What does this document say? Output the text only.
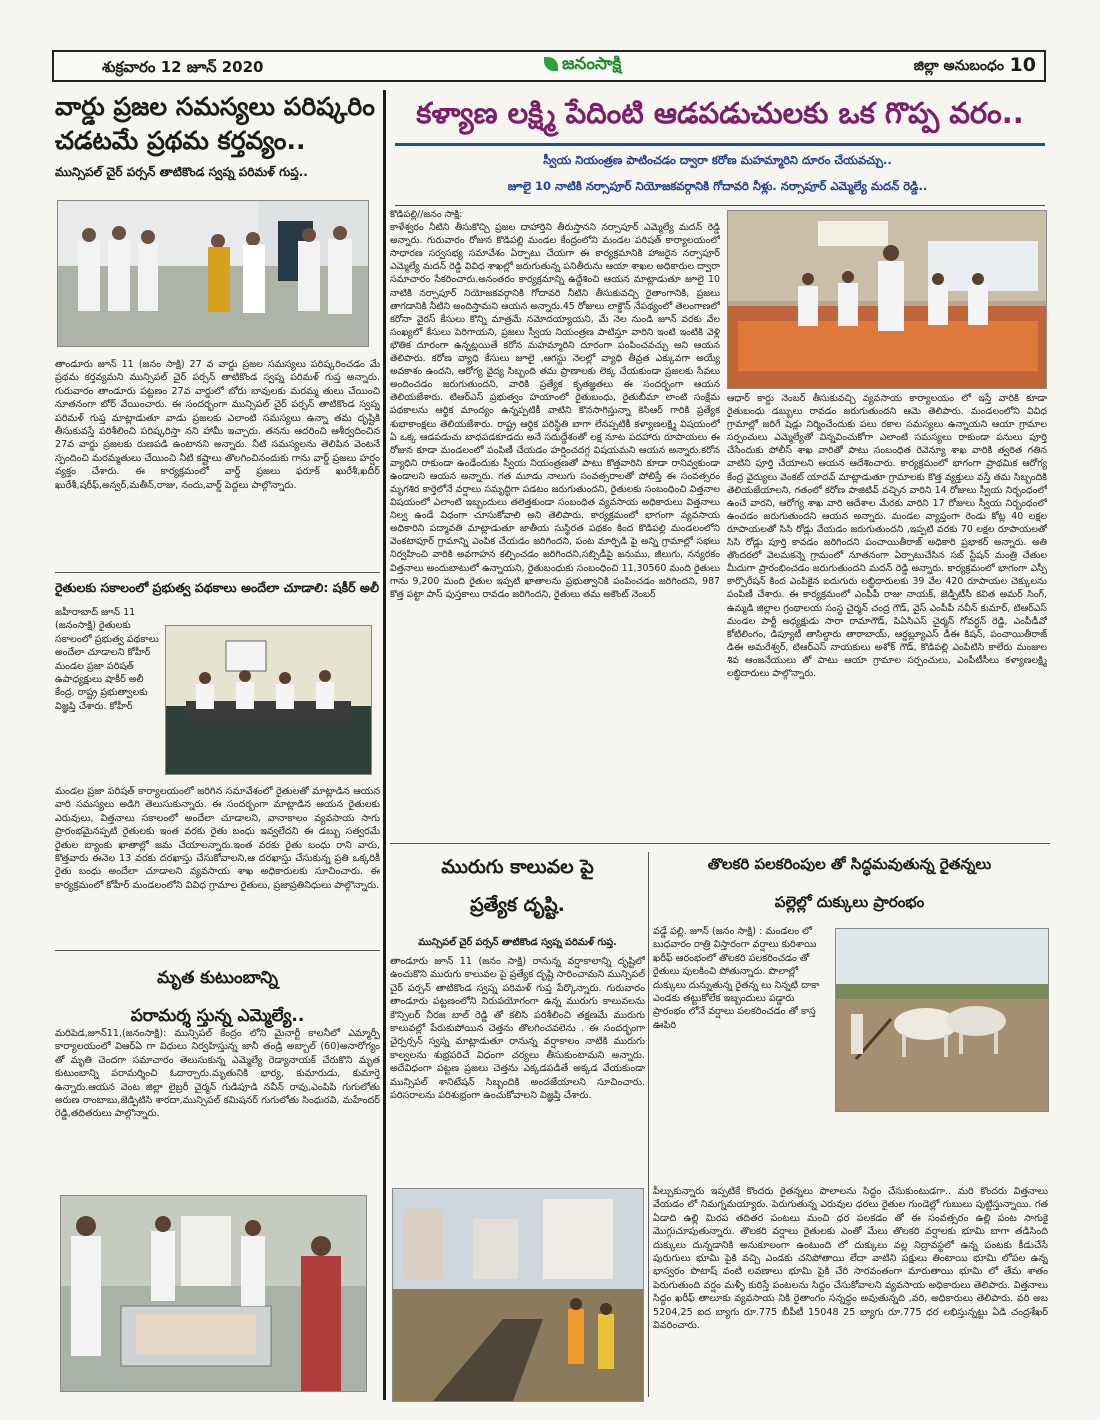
శుక్రవారం 12 జూన్ 2020	జనంసాక్షి	జిల్లా అనుబంధం 10

వార్డు ప్రజల సమస్యలు పరిష్కరిం చడటమే ప్రథమ కర్తవ్యం..

మున్సిపల్ చైర్ పర్సన్ తాటికొండ స్వప్న పరిమళ్ గుప్త..

తాండూరు జూన్ 11 (జనం సాక్షి) 27 వ వార్డు ప్రజల సమస్యలు పరిష్కరించడం మే ప్రథమ కర్తవ్యమని మున్సిపల్ చైర్ పర్సన్ తాటికొండ స్వప్న పరిమళ్ గుప్త అన్నారు. గురువారం తాండూరు పట్టణం 27వ వార్డులో బోరు బావులకు మరమ్మ తులు చేయించి నూతనంగా బోర్ వేయించారు. ఈ సందర్భంగా మున్సిపల్ చైర్ పర్సన్ తాటికొండ స్వప్న పరిమళ్ గుప్త మాట్లాడుతూ వాడు ప్రజలకు ఎలాంటి సమస్యలు ఉన్నా తమ దృష్టికి తీసుకువస్తే పరిశీలించి పరిష్కరిస్తా నని హామీ ఇచ్చారు. తనను ఆదరించి ఆశీర్వదించిన 27వ వార్డు ప్రజలకు రుణపడి ఉంటానని అన్నారు. నీటి సమస్యలను తెలిపిన వెంటనే స్పందించి మరమ్మతులు చేయించి నీటి కష్టాలు తొలగించినందుకు గాను వార్డ్ ప్రజలు హర్షం వ్యక్తం చేశారు. ఈ కార్యక్రమంలో వార్డ్ ప్రజలు ఫరూక్ ఖురేశీ,ఖదీర్ ఖురేశీ,షరీఫ్,అన్వర్,మతీన్,రాజు, నందు,వార్డ్ పెద్దలు పాల్గొన్నారు.

రైతులకు సకాలంలో ప్రభుత్వ పథకాలు అందేలా చూడాలి: షకీర్ అలీ

జహీరాబాద్ జూన్ 11 (జనంసాక్షి) రైతులకు సకాలంలో ప్రభుత్వ పథకాలు అందేలా చూడాలని కోహీర్ మండల ప్రజా పరిషత్ ఉపాధ్యక్షులు షాకీర్ అలీ కేంద్ర, రాష్ట్ర ప్రభుత్వాలకు విజ్ఞప్తి చేశారు. కోహీర్

మండల ప్రజా పరిషత్ కార్యాలయంలో జరిగిన సమావేశంలో రైతులతో మాట్లాడిన ఆయన వారి సమస్యలు అడిగి తెలుసుకున్నారు. ఈ సందర్భంగా మాట్లాడిన ఆయన రైతులకు ఎరువులు, విత్తనాలు సకాలంలో అందేలా చూడాలని, వానాకాలం వ్యవసాయ సాగు ప్రారంభమైనప్పటి రైతులకు ఇంత వరకు రైతు బంధు ఇవ్వలేదని ఈ డబ్బు సత్వరమే రైతుల బ్యాంకు ఖాతాల్లో జమ చేయాలన్నారు.ఇంత వరకు రైతు బంధు రాని వారు, కొత్తవారు ఈనెల 13 వరకు దరఖాస్తు చేసుకోవాలని,ఆ దరఖాస్తు చేసుకున్న ప్రతి ఒక్కరికీ రైతు బంధు అందేలా చూడాలని వ్యవసాయ శాఖ అధికారులకు సూచించారు. ఈ కార్యక్రమంలో కోహీర్ మండలంలోని వివిధ గ్రామాల రైతులు, ప్రజాప్రతినిధులు పాల్గొన్నారు.

మృత కుటుంబాన్ని

పరామర్శ స్తున్న ఎమ్మెల్యే..

మరిపెడ,జూన్11,(జనంసాక్షి): మున్సిపల్ కేంద్రం లోని మైనార్టీ కాలనీలో ఎమ్మార్పీ కార్యాలయంలో విఆర్ఏ గా విధులు నిర్వహిస్తున్న జానీ తండ్రి అబ్బాల్ (60)అనారోగ్యం తో మృతి చెందగా సమాచారం తెలుసుకున్న ఎమ్మెల్యే రెడ్యానాయక్ చేరుకొని మృత కుటుంబాన్ని పరామర్శించి ఓదార్చారు.మృతునికి భార్య, కుమారుడు, కుమార్తె ఉన్నారు.ఆయన వెంట జిల్లా లైబ్రరీ చైర్మన్ గుడిపూడి నవీన్ రావు,ఎంపిపి గుగులోతు అరుణ రాంబాబు,జెడ్పిటిసి శారదా,మున్సిపల్ కమిషనర్ గుగులోతు సింధురవి, మహేందర్ రెడ్డి,తదితరులు పాల్గొన్నారు.

కళ్యాణ లక్ష్మి పేదింటి ఆడపడుచులకు ఒక గొప్ప వరం..

స్వీయ నియంత్రణ పాటించడం ద్వారా కరోణ మహమ్మారిని దూరం చేయవచ్చు..

జూలై 10 నాటికి నర్సాపూర్ నియోజకవర్గానికి గోదావరి నీళ్లు. నర్సాపూర్ ఎమ్మెల్యే మదన్ రెడ్డి..

కొడిపల్లి//జనం సాక్షి:

కాళేశ్వరం నీటిని తీసుకొచ్చి ప్రజల దాహార్తిని తీరుస్తానని నర్సాపూర్ ఎమ్మెల్యే మదన్ రెడ్డి అన్నారు. గురువారం రోజున కొడిపల్లి మండల కేంద్రంలోని మండల పరిషత్ కార్యాలయంలో సాధారణ సర్వసభ్య సమావేశం ఏర్పాటు చేయగా ఈ కార్యక్రమానికి హాజరైన నర్సాపూర్ ఎమ్మెల్యే మదన్ రెడ్డి వివిధ శాఖల్లో జరుగుతున్న పనితీరును ఆయా శాఖల అధికారుల ద్వారా సమాచారం సేకరించారు.అనంతరం కార్యక్రమాన్ని ఉద్దేశించి ఆయన మాట్లాడుతూ జూలై 10 నాటికి నర్సాపూర్ నియోజకవర్గానికి గోదావరి నీటిని తీసుకువచ్చి రైతాంగానికి, ప్రజలు తాగడానికి నీటిని అందిస్తామని ఆయన అన్నారు.45 రోజులు లాక్డౌన్ నేపథ్యంలో తెలంగాణలో కరోనా వైరస్ కేసులు కొన్ని మాత్రమే నమోదయ్యాయని, మే నెల నుండి జూన్ వరకు వేల సంఖ్యలో కేసులు పెరిగాయని, ప్రజలు స్వీయ నియంత్రణ పాటిస్తూ వారిని ఇంటి ఇంటికి వెళ్లి భౌతిక దూరంగా ఉన్నట్లయితే కరోన మహమ్మారిని దూరంగా పంపించవచ్చు అని ఆయన తెలిపారు. కరోణ వ్యాధి కేసులు జూలై ,ఆగస్టు నెలల్లో వ్యాధి తీవ్రత ఎక్కువగా అయ్యే అవకాశం ఉందని, ఆరోగ్య వైద్య సిబ్బంది తమ ప్రాణాలకు లెక్క చేయకుండా ప్రజలకు సేవలు అందించడం జరుగుతుందని, వారికి ప్రత్యేక కృతజ్ఞతలు ఈ సందర్భంగా ఆయన తెలియజేశారు. టిఆర్ఎస్ ప్రభుత్వం హయాంలో రైతుబంధు, రైతుబీమా లాంటి సంక్షేమ పథకాలను ఆర్థిక మాంద్యం ఉన్నప్పటికీ వాటిని కొనసాగిస్తున్నా కెసిఆర్ గారికి ప్రత్యేక శుభాకాంక్షలు తెలియజేశారు. రాష్ట్ర ఆర్థిక పరిస్థితి బాగా లేనప్పటికీ కళ్యాణలక్ష్మి విషయంలో ఏ ఒక్క ఆడపడుచు బాధపడకూడదు అనే సదుద్దేశంతో లక్ష నూట పదహారు రూపాయలు ఈ రోజున కూడా మండలంలో పంపిణీ చేయడం హర్షించదగ్గ విషయమని ఆయన అన్నారు.కరోన వ్యాధిని రాకుండా ఉండేందుకు స్వీయ నియంత్రణతో పాటు కొత్తవారిని కూడా రానివ్వకుండా ఉండాలని ఆయన అన్నారు. గత మూడు నాలుగు సంవత్సరాలతో పోలిస్తే ఈ సంవత్సరం మృగశిర కార్తెలోనే వర్షాలు సమృద్ధిగా పడటం జరుగుతుందని, రైతులకు సంబంధించి విత్తనాల విషయంలో ఎలాంటి ఇబ్బందులు తలెత్తకుండా సంబంధిత వ్యవసాయ అధికారులు విత్తనాలు నిల్వ ఉండే విధంగా చూసుకోవాలి అని తెలిపారు. కార్యక్రమంలో భాగంగా వ్యవసాయ అధికారిని పద్మావతి మాట్లాడుతూ జాతీయ సుస్థిరత పథకం కింద కొడిపల్లి మండలంలోని వెంకటాపూర్ గ్రామాన్ని ఎంపిక చేయడం జరిగిందని, పంట మార్పిడి పై అన్ని గ్రామాల్లో సభలు నిర్వహించి వారికి అవగాహన కల్పించడం జరిగిందని,సబ్సిడీపై జనుము, జీలుగు, నన్యరకం విత్తనాలు అందుబాటులో ఉన్నాయని, రైతుబంధుకు సంబంధించి 11,30560 మంది రైతులు గాను 9,200 మంది రైతుల ఇప్పటి ఖాతాలను ప్రభుత్వానికి పంపించడం జరిగిందని, 987 కొత్త పట్టా పాస్ పుస్తకాలు రావడం జరిగిందని, రైతులు తమ అకౌంట్ నెంబర్

ఆధార్ కార్డు నెంబర్ తీసుకువచ్చి వ్యవసాయ కార్యాలయం లో ఇస్తే వారికి కూడా రైతుబంధు డబ్బులు రావడం జరుగుతుందని ఆమె తెలిపారు. మండలంలోని వివిధ గ్రామాల్లో జరిగే షెడ్లు నిర్మించేందుకు పలు రకాల సమస్యలు ఉన్నాయని ఆయా గ్రామాల సర్పంచులు ఎమ్మెల్యేతో విన్నవించుకోగా ఎలాంటి సమస్యలు రాకుండా పనులు పూర్తి చేసేందుకు పోలీస్ శాఖ వారితో పాటు సంబంధిత రెవెన్యూ శాఖ వారికి త్వరిత గతిన వాటిని పూర్తి చేయాలని ఆయన ఆదేశించారు. కార్యక్రమంలో భాగంగా ప్రాథమిక ఆరోగ్య కేంద్ర వైద్యులు వెంకట్ యాదవ్ మాట్లాడుతూ గ్రామాలకు కొత్త వ్యక్తులు వస్తే తమ సిబ్బందికి తెలియజేయాలని, గతంలో కరోణ పాజిటివ్ వచ్చిన వారిని 14 రోజులు స్వీయ నిర్బంధంలో ఉంచే వారని, ఆరోగ్య శాఖ వారి ఆదేశాల మేరకు వారిని 17 రోజులు స్వీయ నిర్బంధంలో ఉంచడం జరుగుతుందని ఆయన అన్నారు. మండల వ్యాప్తంగా రెండు కోట్ల 40 లక్షల రూపాయలతో సిసి రోడ్లు వేయడం జరుగుతుందని ,ఇప్పటి వరకు 70 లక్షల రూపాయలతో సిసి రోడ్లు పూర్తి కావడం జరిగిందని పంచాయితీరాజ్ అధికారి ప్రభాకర్ అన్నారు. అతి తొందరలో వెలమకన్నె గ్రామంలో నూతనంగా ఏర్పాటుచేసిన సబ్ స్టేషన్ మంత్రి చేతుల మీదుగా ప్రారంభించడం జరుగుతుందని మదన్ రెడ్డి అన్నారు. కార్యక్రమంలో భాగంగా ఎస్సీ కార్పొరేషన్ కింద ఎంపికైన ఐదుగురు లబ్ధిదారులకు 39 వేల 420 రూపాయల చెక్కులను పంపిణీ చేశారు. ఈ కార్యక్రమంలో ఎంపీపీ రాజు నాయక్, జెడ్పీటీసీ కవిత అమర్ సింగ్, ఉమ్మడి జిల్లాల గ్రంథాలయ సంస్థ చైర్మన్ చంద్ర గౌడ్, వైస్ ఎంపీపీ నవీన్ కుమార్, టిఆర్ఎస్ మండల పార్టీ అధ్యక్షుడు సారా రామాగౌడ్, పిఏసిఎస్ చైర్మన్ గోవర్ధన్ రెడ్డి, ఎంపీడీవో కోటిలింగం, డిప్యూటీ తాసిల్దారు తారాబాయ్, ఆర్డబ్ల్యూఎస్ డీఈ కిషన్, పంచాయితీరాజ్ డిఈ అమరేశ్వర్, టిఆర్ఎస్ నాయకులు అశోక్ గౌడ్, కొడిపల్లి ఎంపిటిసి కాలేరు మంజుల శివ ఆంజనేయులు తో పాటు ఆయా గ్రామాల సర్పంచులు, ఎంపీటీసీలు కళ్యాణలక్ష్మి లబ్ధిదారులు పాల్గొన్నారు.

మురుగు కాలువల పై

ప్రత్యేక దృష్టి.

మున్సిపల్ చైర్ పర్సన్ తాటికొండ స్వప్న పరిమళ్ గుప్త.

తాండూరు జూన్ 11 (జనం సాక్షి) రానున్న వర్షాకాలాన్ని దృష్టిలో ఉంచుకొని మురుగు కాలువల పై ప్రత్యేక దృష్టి సారించామని మున్సిపల్ చైర్ పర్సన్ తాటికొండ స్వప్న పరిమళ్ గుప్త పేర్కొన్నారు. గురువారం తాండూరు పట్టణంలోని నిరుపయోగంగా ఉన్న మురుగు కాలువలను కౌన్సిలర్ నీరజ బాల్ రెడ్డి తో కలిసి పరిశీలించి తక్షణమే మురుగు కాలువల్లో పేరుకుపోయిన చెత్తను తొలగించవలెను . ఈ సందర్భంగా చైర్పర్సన్ స్వప్న మాట్లాడుతూ రానున్న వర్షాకాలం నాటికి మురుగు కాల్వలను శుభ్రపరిచే విధంగా చర్యలు తీసుకుంటామని అన్నారు. అదేవిధంగా పట్టణ ప్రజలు చెత్తను ఎక్కడపడితే అక్కడ వేయకుండా మున్సిపల్ శానిటేషన్ సిబ్బందికి అందజేయాలని సూచించారు. పరిసరాలను పరిశుభ్రంగా ఉంచుకోవాలని విజ్ఞప్తి చేశారు.

తొలకరి పలకరింపుల తో సిద్ధమవుతున్న రైతన్నలు

పల్లెల్లో దుక్కులు ప్రారంభం

వడ్డే పల్లి. జూన్ (జనం సాక్షి) : మండలం లో బుధవారం రాత్రి విస్తారంగా వర్షాలు కురిశాయి ఖరీఫ్ ఆరంభంలో తొలకరి పలకరించడం తో రైతులు పులకించి పోతున్నారు. పొలాల్లో దుక్కులు దున్నుతున్న రైతన్న లు నిన్నటి దాకా ఎండకు తట్టుకోలేక ఇబ్బందులు పడ్డారు ప్రారంభం లోనే వర్షాలు పలకరించడం తో కాస్త ఊపిరి

పీల్చుకున్నారు ఇప్పటికే కొందరు రైతన్నలు పొలాలను సిద్ధం చేసుకుంటుడగా.. మరి కొందరు విత్తనాలు వేయడం లో నిమగ్నమయ్యారు. పెరుగుతున్న ఎరువుల ధరలు రైతుల గుండెల్లో గుబులు పుట్టిస్తున్నాయి. గత ఏడాది ఉల్లి మిరప తదితర పంటలు మంచి ధర పలకడం తో ఈ సంవత్సరం ఉల్లి పంట సాగుకై మొగ్గుచూపుతున్నారు. తొలకరి వర్షాలు రైతులకు ఎంతో మేలు తొలకరి వర్షాలకు భూమి బాగా తడిసింది దుక్కులు దున్నడానికి అనుకూలంగా ఉంటుంది లో దుక్కులు వల్ల నిద్రావస్థలో ఉన్న పంటకు కీడుచేసే పురుగులు భూమి పైకి వచ్చి ఎండకు చనిపోతాయి లేదా వాటిని పక్షులు తింటాయి భూమి లోపల ఉన్న భాస్వరం పొటాష్ వంటి లవణాలు భూమి పైకి చేరి సారవంతంగా మారుతాయి భూమి లో తేమ శాతం పెరుగుతుంది వర్షం మళ్ళీ కురిస్తే పంటలను సిద్ధం చేసుకోవాలని వ్యవసాయ అధికారులు తెలిపారు. విత్తనాలు సిద్ధం ఖరీఫ్ తాలూకు వ్యవసాయ నికి రైతాంగం సన్నద్ధం అవుతున్నది ,వరి, అధికారులు తెలిపారు. వరి అబ 5204,25 ఐద బ్యాగు రూ.775 బీపీటీ 15048 25 బ్యాగు రూ.775 ధర లభిస్తున్నట్టు ఏడి చంద్రశేఖర్ వివరించారు.
